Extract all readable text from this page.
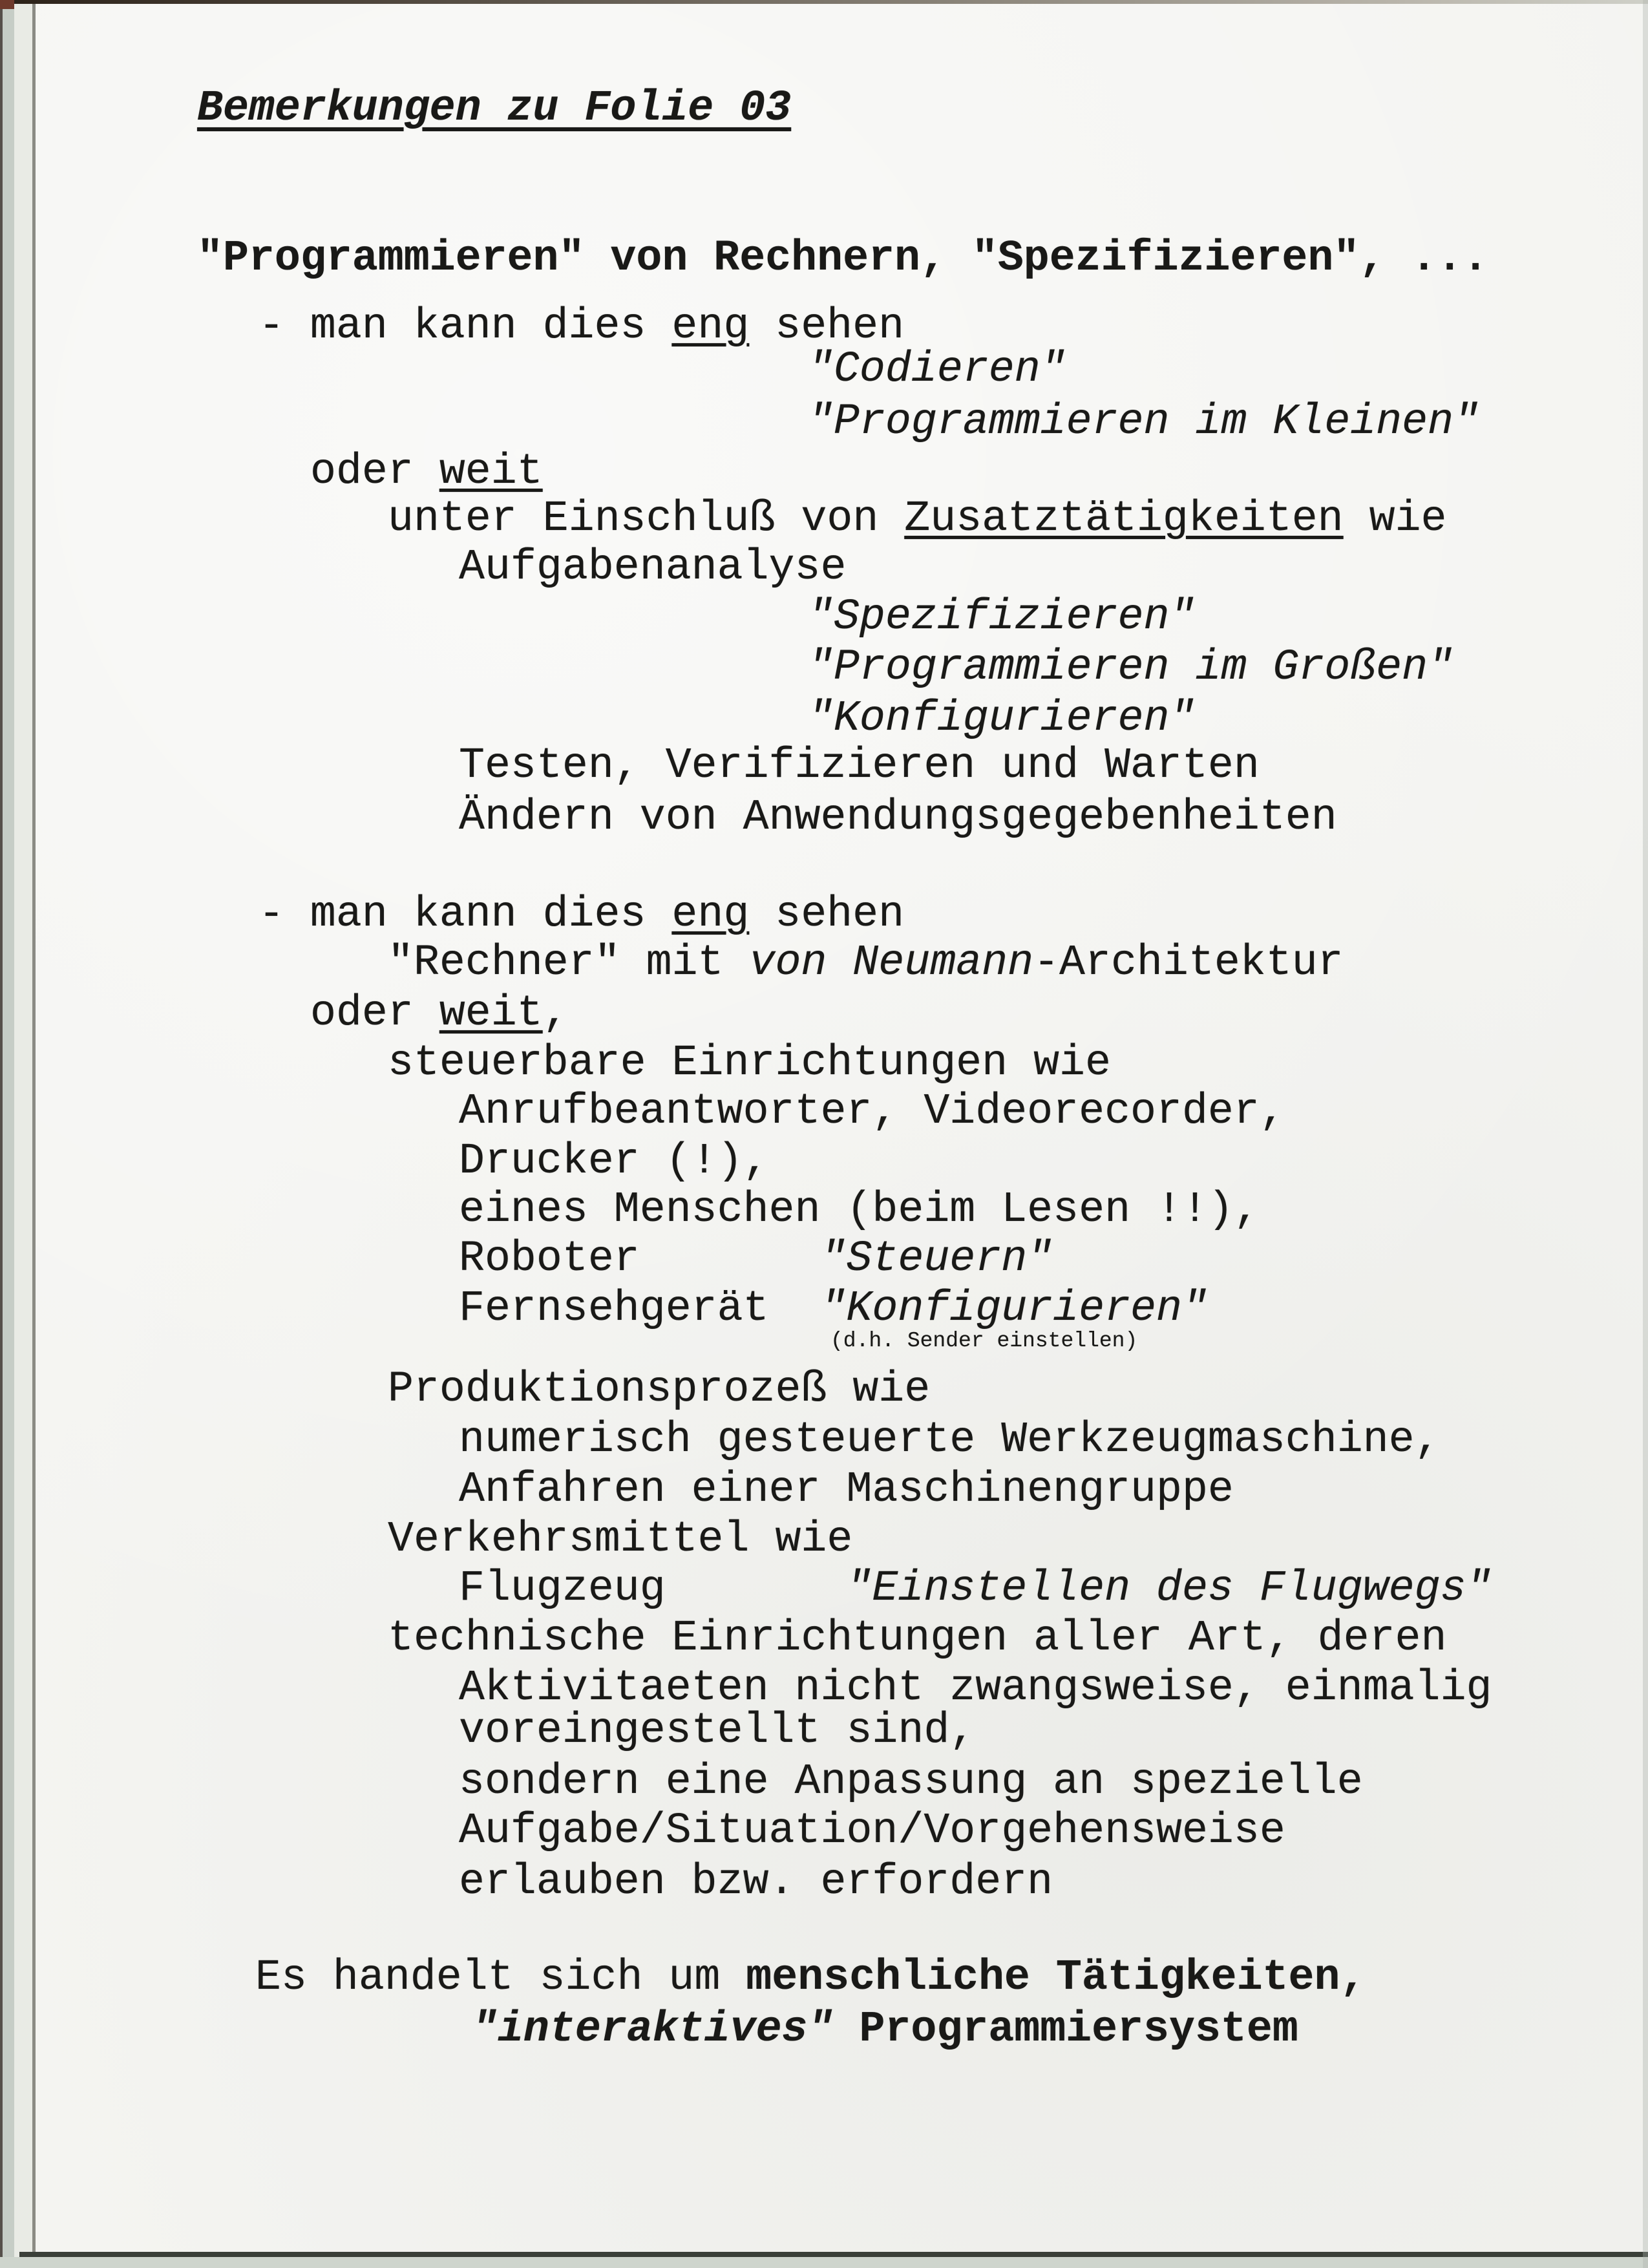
Bemerkungen zu Folie 03
"Programmieren" von Rechnern, "Spezifizieren", ...
- man kann dies eng sehen
"Codieren"
"Programmieren im Kleinen"
oder weit
unter Einschluß von Zusatztätigkeiten wie
Aufgabenanalyse
"Spezifizieren"
"Programmieren im Großen"
"Konfigurieren"
Testen, Verifizieren und Warten
Ändern von Anwendungsgegebenheiten
- man kann dies eng sehen
"Rechner" mit von Neumann-Architektur
oder weit,
steuerbare Einrichtungen wie
Anrufbeantworter, Videorecorder,
Drucker (!),
eines Menschen (beim Lesen !!),
Roboter       "Steuern"
Fernsehgerät  "Konfigurieren"
(d.h. Sender einstellen)
Produktionsprozeß wie
numerisch gesteuerte Werkzeugmaschine,
Anfahren einer Maschinengruppe
Verkehrsmittel wie
Flugzeug       "Einstellen des Flugwegs"
technische Einrichtungen aller Art, deren
Aktivitaeten nicht zwangsweise, einmalig
voreingestellt sind,
sondern eine Anpassung an spezielle
Aufgabe/Situation/Vorgehensweise
erlauben bzw. erfordern
Es handelt sich um menschliche Tätigkeiten,
"interaktives" Programmiersystem
